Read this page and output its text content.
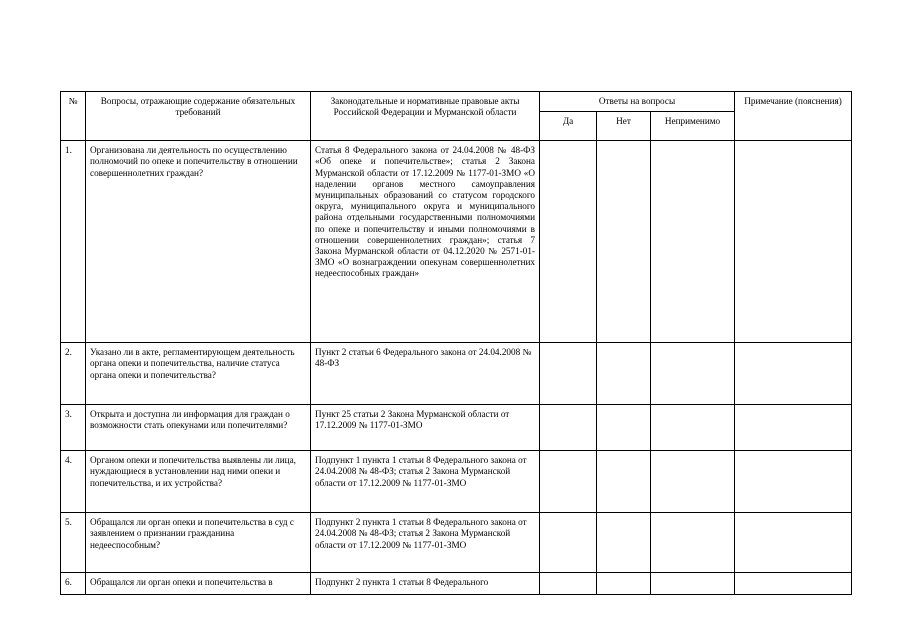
№	Вопросы, отражающие содержание обязательных требований	Законодательные и нормативные правовые акты Российской Федерации и Мурманской области	Ответы на вопросы			Примечание (пояснения)
			Да	Нет	Неприменимо	
1.	Организована ли деятельность по осуществлению полномочий по опеке и попечительству в отношении совершеннолетних граждан?	Статья 8 Федерального закона от 24.04.2008 № 48-ФЗ «Об опеке и попечительстве»; статья 2 Закона Мурманской области от 17.12.2009 № 1177-01-ЗМО «О наделении органов местного самоуправления муниципальных образований со статусом городского округа, муниципального округа и муниципального района отдельными государственными полномочиями по опеке и попечительству и иными полномочиями в отношении совершеннолетних граждан»; статья 7 Закона Мурманской области от 04.12.2020 № 2571-01-ЗМО «О вознаграждении опекунам совершеннолетних недееспособных граждан»				
2.	Указано ли в акте, регламентирующем деятельность органа опеки и попечительства, наличие статуса органа опеки и попечительства?	Пункт 2 статьи 6 Федерального закона от 24.04.2008 № 48-ФЗ				
3.	Открыта и доступна ли информация для граждан о возможности стать опекунами или попечителями?	Пункт 25 статьи 2 Закона Мурманской области от 17.12.2009 № 1177-01-ЗМО				
4.	Органом опеки и попечительства выявлены ли лица, нуждающиеся в установлении над ними опеки и попечительства, и их устройства?	Подпункт 1 пункта 1 статьи 8 Федерального закона от 24.04.2008 № 48-ФЗ; статья 2 Закона Мурманской области от 17.12.2009 № 1177-01-ЗМО				
5.	Обращался ли орган опеки и попечительства в суд с заявлением о признании гражданина недееспособным?	Подпункт 2 пункта 1 статьи 8 Федерального закона от 24.04.2008 № 48-ФЗ; статья 2 Закона Мурманской области от 17.12.2009 № 1177-01-ЗМО				
6.	Обращался ли орган опеки и попечительства в	Подпункт 2 пункта 1 статьи 8 Федерального				
